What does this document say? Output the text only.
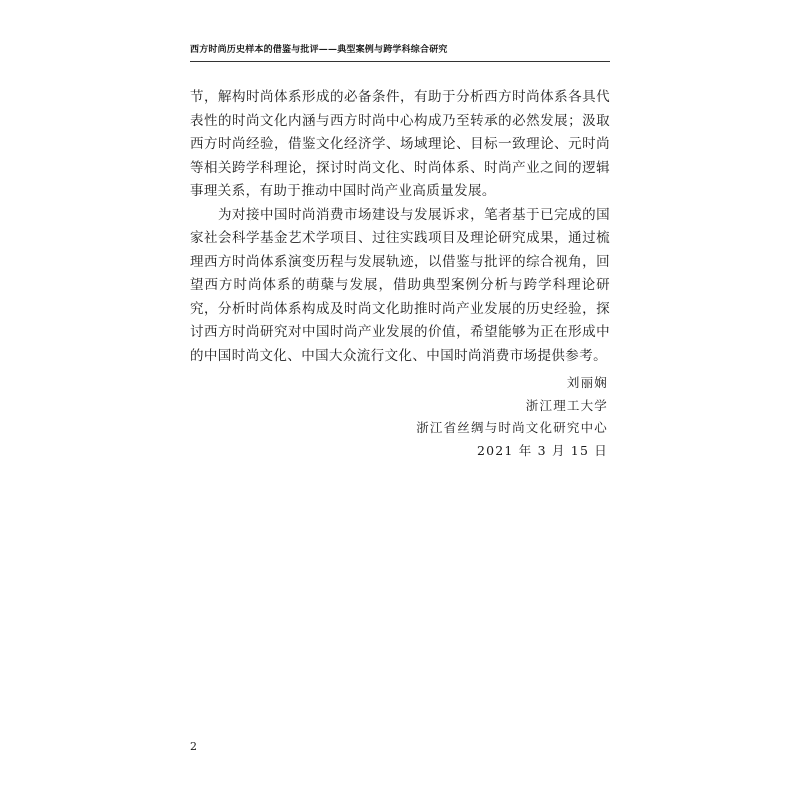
西方时尚历史样本的借鉴与批评——典型案例与跨学科综合研究

节，解构时尚体系形成的必备条件，有助于分析西方时尚体系各具代表性的时尚文化内涵与西方时尚中心构成乃至转承的必然发展；汲取西方时尚经验，借鉴文化经济学、场域理论、目标一致理论、元时尚等相关跨学科理论，探讨时尚文化、时尚体系、时尚产业之间的逻辑事理关系，有助于推动中国时尚产业高质量发展。

为对接中国时尚消费市场建设与发展诉求，笔者基于已完成的国家社会科学基金艺术学项目、过往实践项目及理论研究成果，通过梳理西方时尚体系演变历程与发展轨迹，以借鉴与批评的综合视角，回望西方时尚体系的萌蘖与发展，借助典型案例分析与跨学科理论研究，分析时尚体系构成及时尚文化助推时尚产业发展的历史经验，探讨西方时尚研究对中国时尚产业发展的价值，希望能够为正在形成中的中国时尚文化、中国大众流行文化、中国时尚消费市场提供参考。

刘丽娴
浙江理工大学
浙江省丝绸与时尚文化研究中心
2021 年 3 月 15 日
2
